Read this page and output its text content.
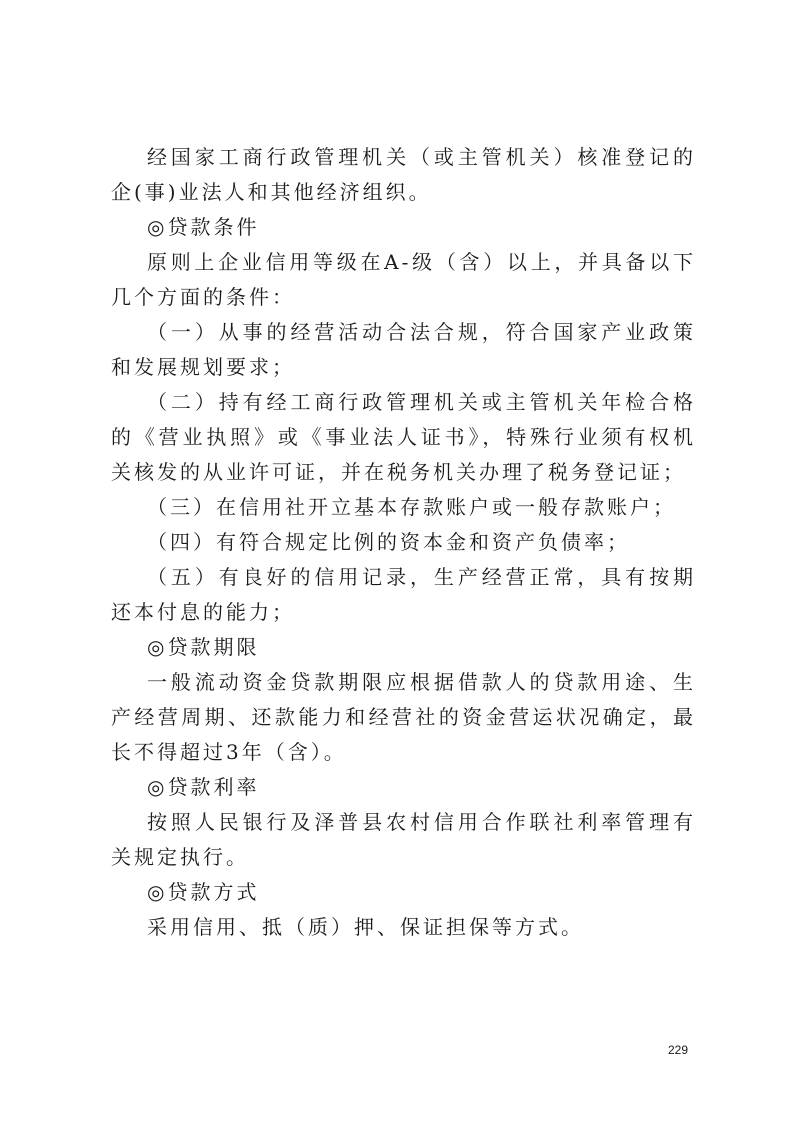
经国家工商行政管理机关（或主管机关）核准登记的企(事)业法人和其他经济组织。

◎贷款条件

原则上企业信用等级在A-级（含）以上，并具备以下几个方面的条件：

（一）从事的经营活动合法合规，符合国家产业政策和发展规划要求；

（二）持有经工商行政管理机关或主管机关年检合格的《营业执照》或《事业法人证书》，特殊行业须有权机关核发的从业许可证，并在税务机关办理了税务登记证；

（三）在信用社开立基本存款账户或一般存款账户；

（四）有符合规定比例的资本金和资产负债率；

（五）有良好的信用记录，生产经营正常，具有按期还本付息的能力；

◎贷款期限

一般流动资金贷款期限应根据借款人的贷款用途、生产经营周期、还款能力和经营社的资金营运状况确定，最长不得超过3年（含）。

◎贷款利率

按照人民银行及泽普县农村信用合作联社利率管理有关规定执行。

◎贷款方式

采用信用、抵（质）押、保证担保等方式。

229
